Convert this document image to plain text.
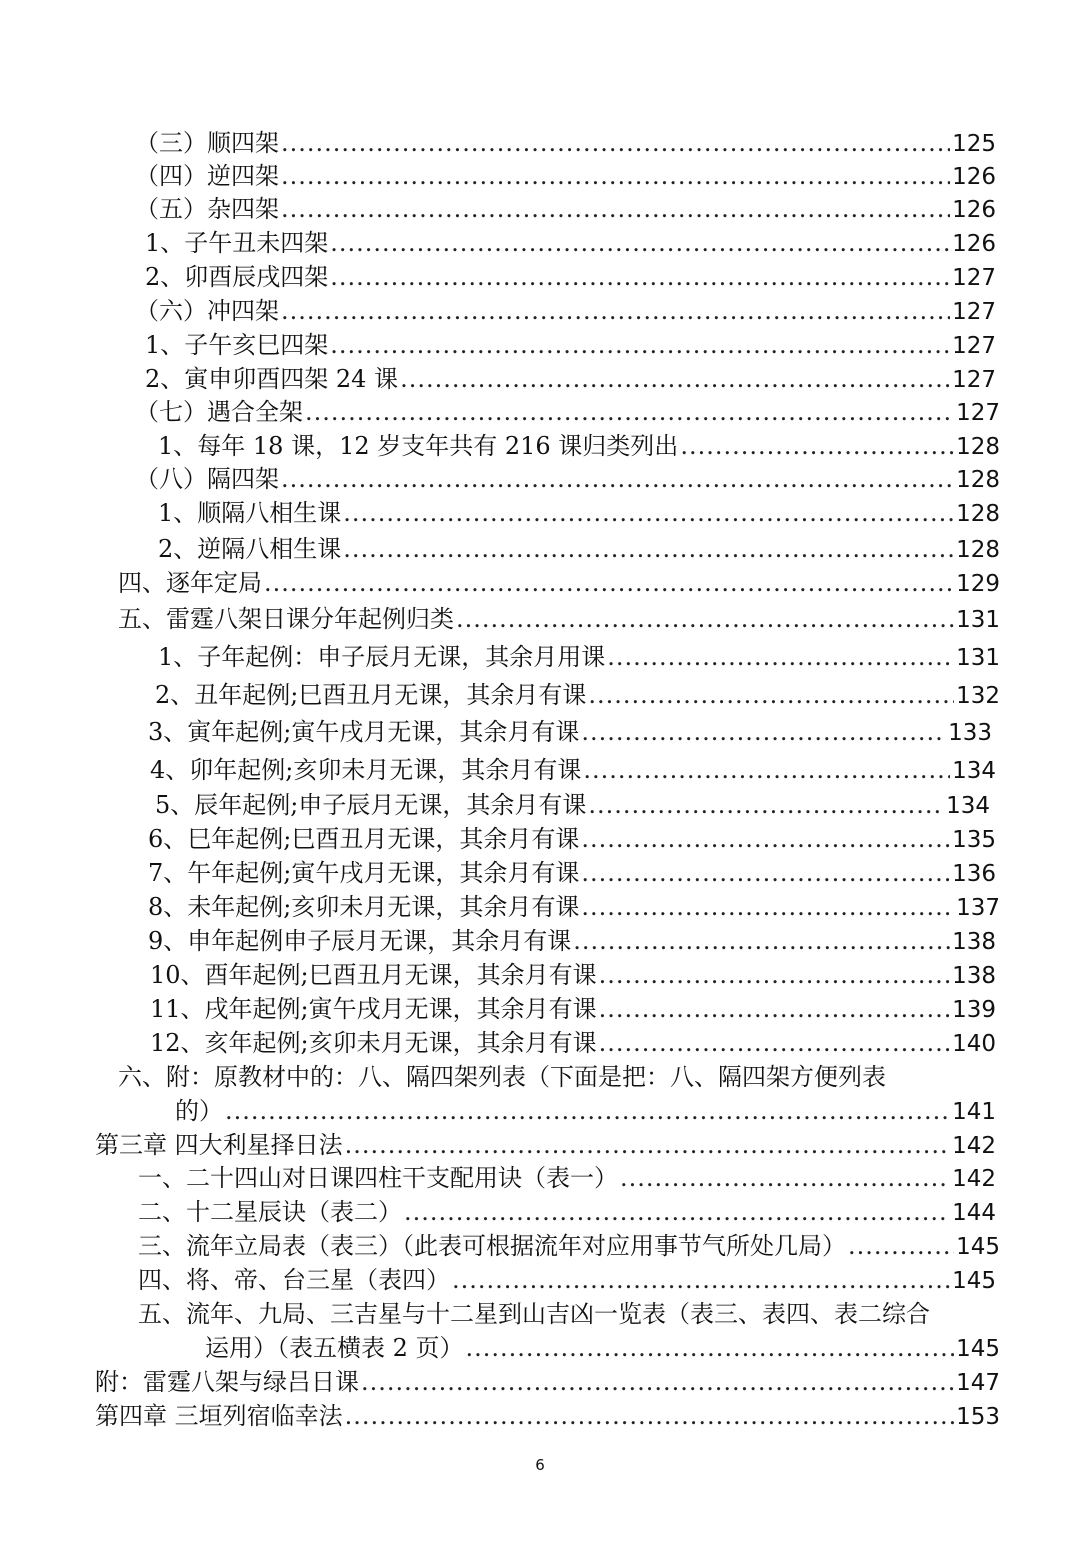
（三）顺四架 .....	125
（四）逆四架 .....	126
（五）杂四架 .....	126
1、子午丑未四架 .....	126
2、卯酉辰戌四架 .....	127
（六）冲四架 .....	127
1、子午亥巳四架 .....	127
2、寅申卯酉四架 24 课 .....	127
（七）遇合全架 .....	127
1、每年 18 课，12 岁支年共有 216 课归类列出 .....	128
（八）隔四架 .....	128
1、顺隔八相生课 .....	128
2、逆隔八相生课 .....	128
四、逐年定局 .....	129
五、雷霆八架日课分年起例归类 .....	131
1、子年起例：申子辰月无课，其余月用课 .....	131
2、丑年起例;巳酉丑月无课，其余月有课 .....	132
3、寅年起例;寅午戌月无课，其余月有课 .....	133
4、卯年起例;亥卯未月无课，其余月有课 .....	134
5、辰年起例;申子辰月无课，其余月有课 .....	134
6、巳年起例;巳酉丑月无课，其余月有课 .....	135
7、午年起例;寅午戌月无课，其余月有课 .....	136
8、未年起例;亥卯未月无课，其余月有课 .....	137
9、申年起例申子辰月无课，其余月有课 .....	138
10、酉年起例;巳酉丑月无课，其余月有课 .....	138
11、戌年起例;寅午戌月无课，其余月有课 .....	139
12、亥年起例;亥卯未月无课，其余月有课 .....	140
六、附：原教材中的：八、隔四架列表（下面是把：八、隔四架方便列表
的） .....	141
第三章 四大利星择日法 .....	142
一、二十四山对日课四柱干支配用诀（表一） .....	142
二、十二星辰诀（表二） .....	144
三、流年立局表（表三）（此表可根据流年对应用事节气所处几局） .....	145
四、将、帝、台三星（表四） .....	145
五、流年、九局、三吉星与十二星到山吉凶一览表（表三、表四、表二综合
运用）（表五横表 2 页） .....	145
附：雷霆八架与绿吕日课 .....	147
第四章 三垣列宿临幸法 .....	153
6
